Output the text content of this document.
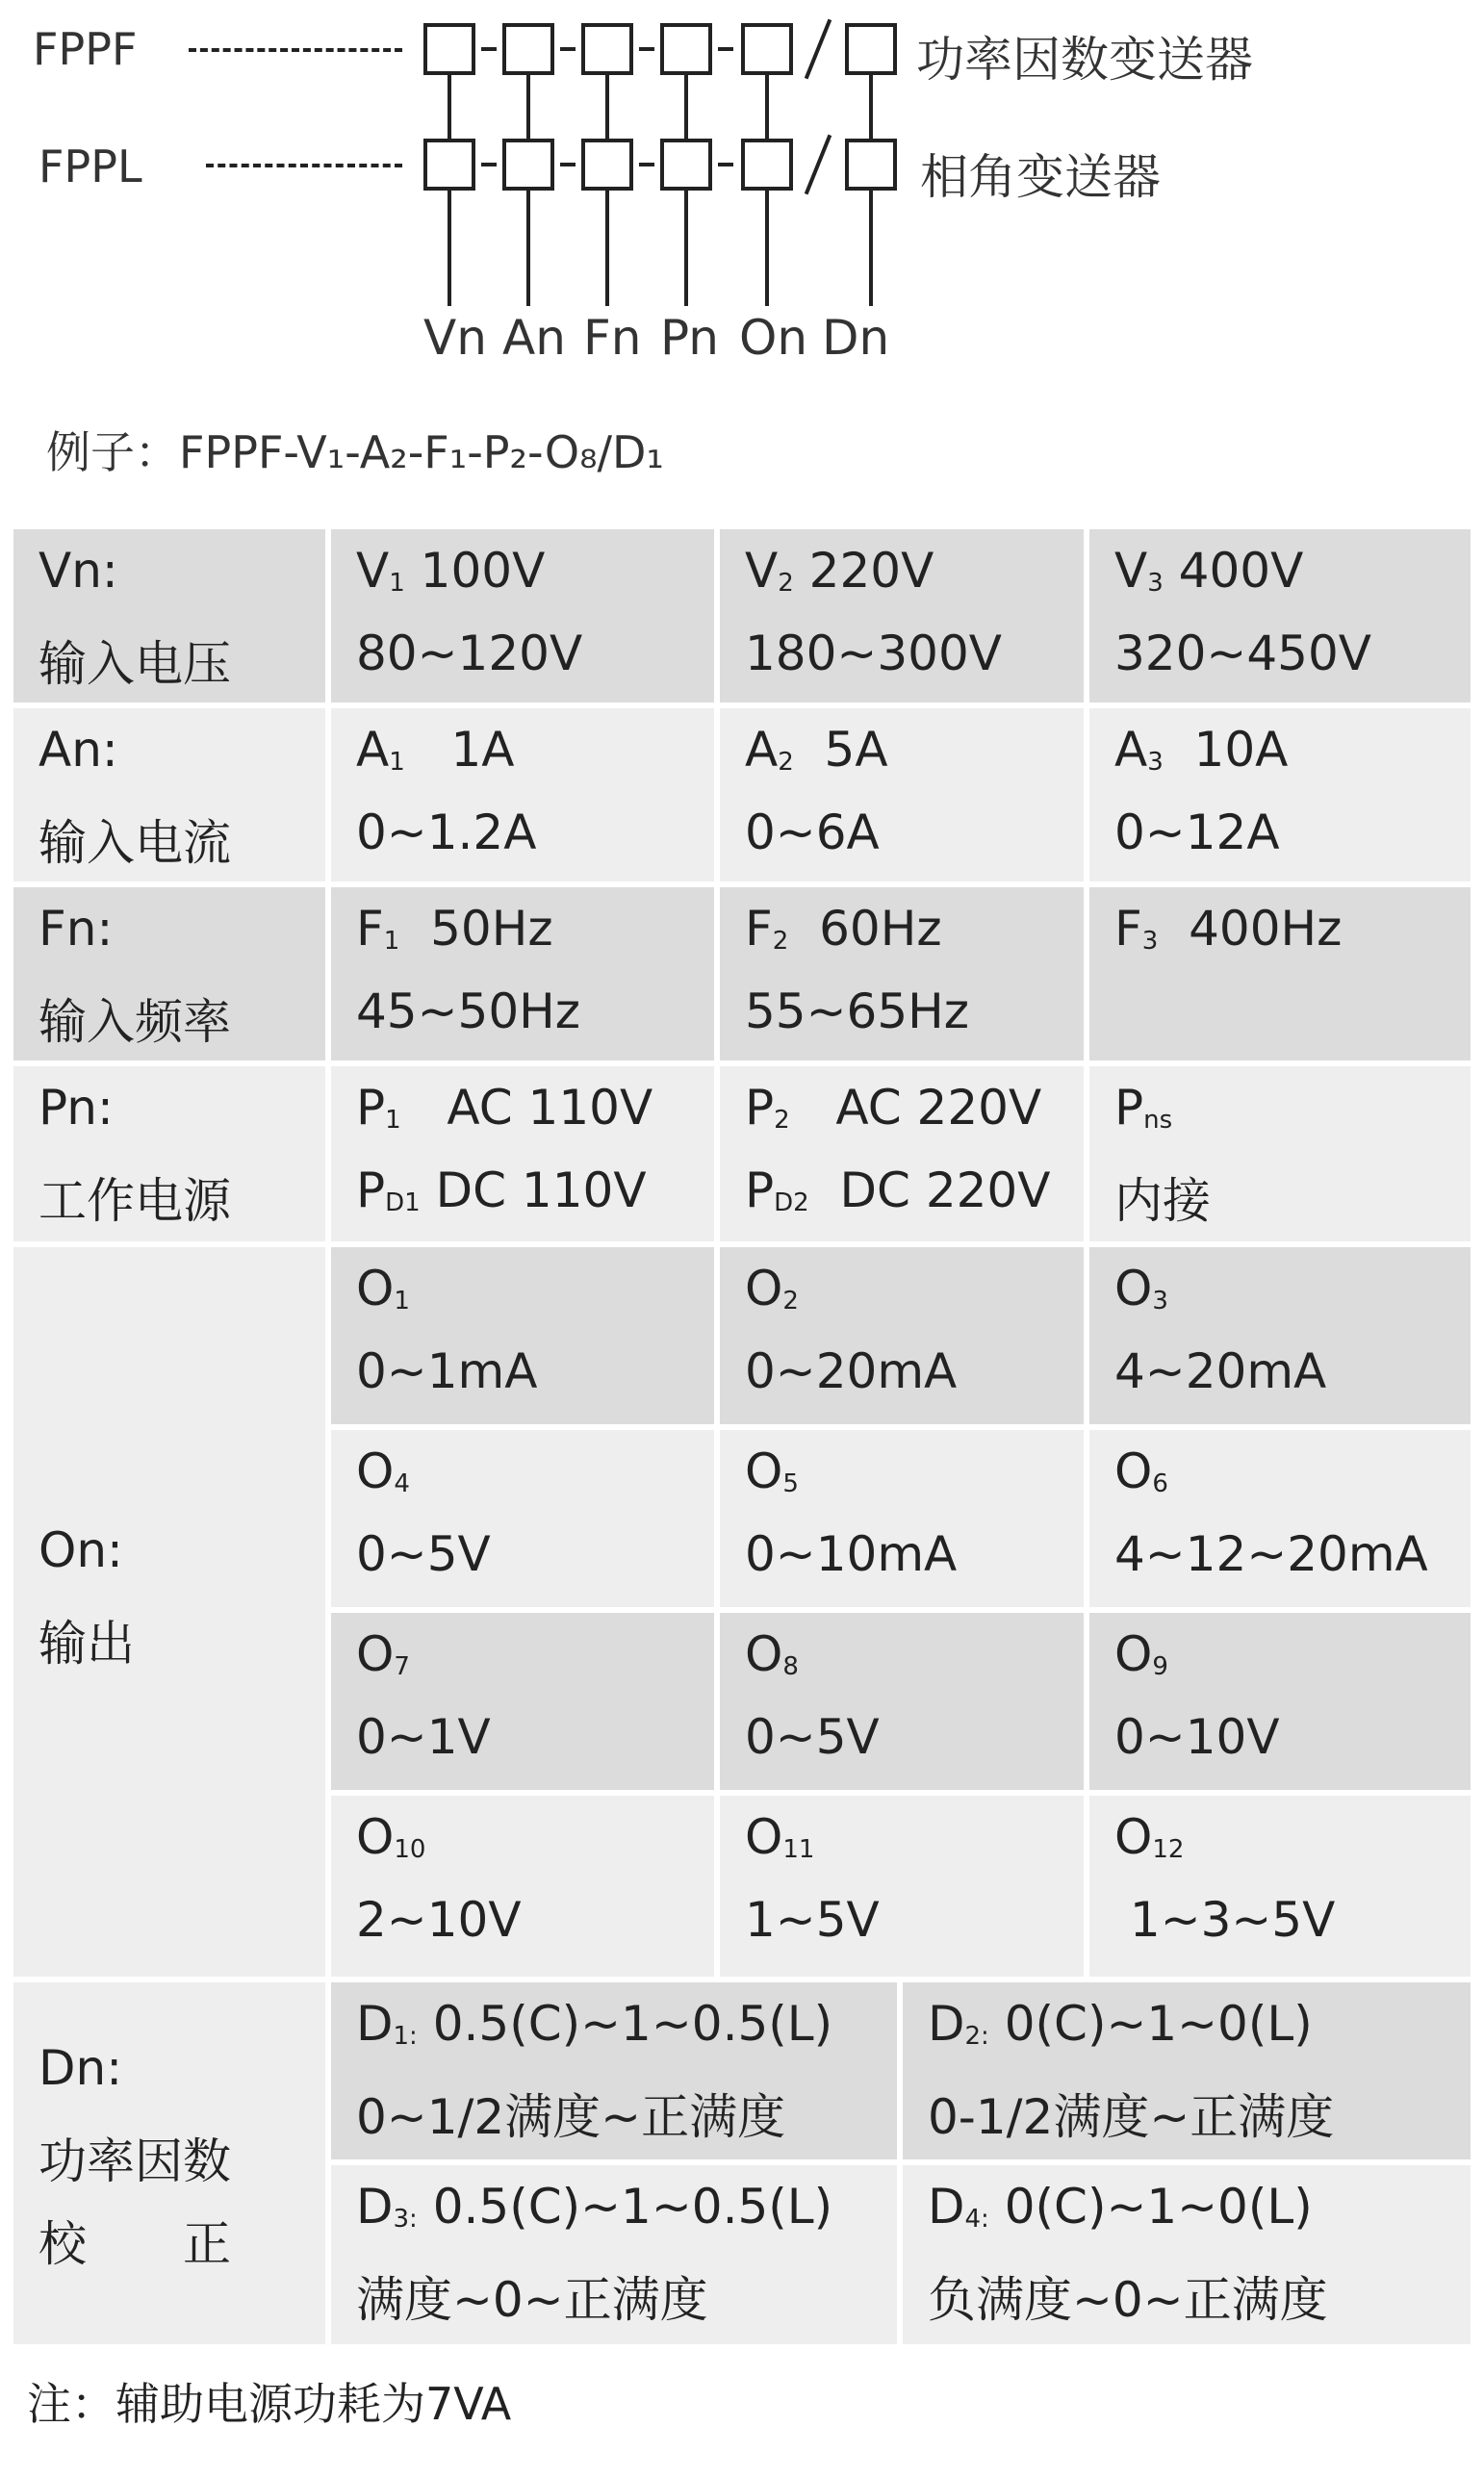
FPPF
FPPL
功率因数变送器
相角变送器
Vn An Fn Pn On Dn
例子：FPPF-V₁-A₂-F₁-P₂-O₈/D₁
Vn:
输入电压
$V_1$ 100V
80~120V
$V_2$ 220V
180~300V
$V_3$ 400V
320~450V
An:
输入电流
$A_1$   1A
0~1.2A
$A_2$  5A
0~6A
$A_3$  10A
0~12A
Fn:
输入频率
$F_1$  50Hz
45~50Hz
$F_2$  60Hz
55~65Hz
$F_3$  400Hz
Pn:
工作电源
$P_1$   AC 110V
$P_{D1}$ DC 110V
$P_2$   AC 220V
$P_{D2}$  DC 220V
$P_{ns}$
内接
On:
输出
$O_1$
0~1mA
$O_2$
0~20mA
$O_3$
4~20mA
$O_4$
0~5V
$O_5$
0~10mA
$O_6$
4~12~20mA
$O_7$
0~1V
$O_8$
0~5V
$O_9$
0~10V
$O_{10}$
2~10V
$O_{11}$
1~5V
$O_{12}$
1~3~5V
Dn:
功率因数
校　　正
$D_{1:}$ 0.5(C)~1~0.5(L)
0~1/2满度~正满度
$D_{2:}$ 0(C)~1~0(L)
0-1/2满度~正满度
$D_{3:}$ 0.5(C)~1~0.5(L)
满度~0~正满度
$D_{4:}$ 0(C)~1~0(L)
负满度~0~正满度
注：辅助电源功耗为7VA
